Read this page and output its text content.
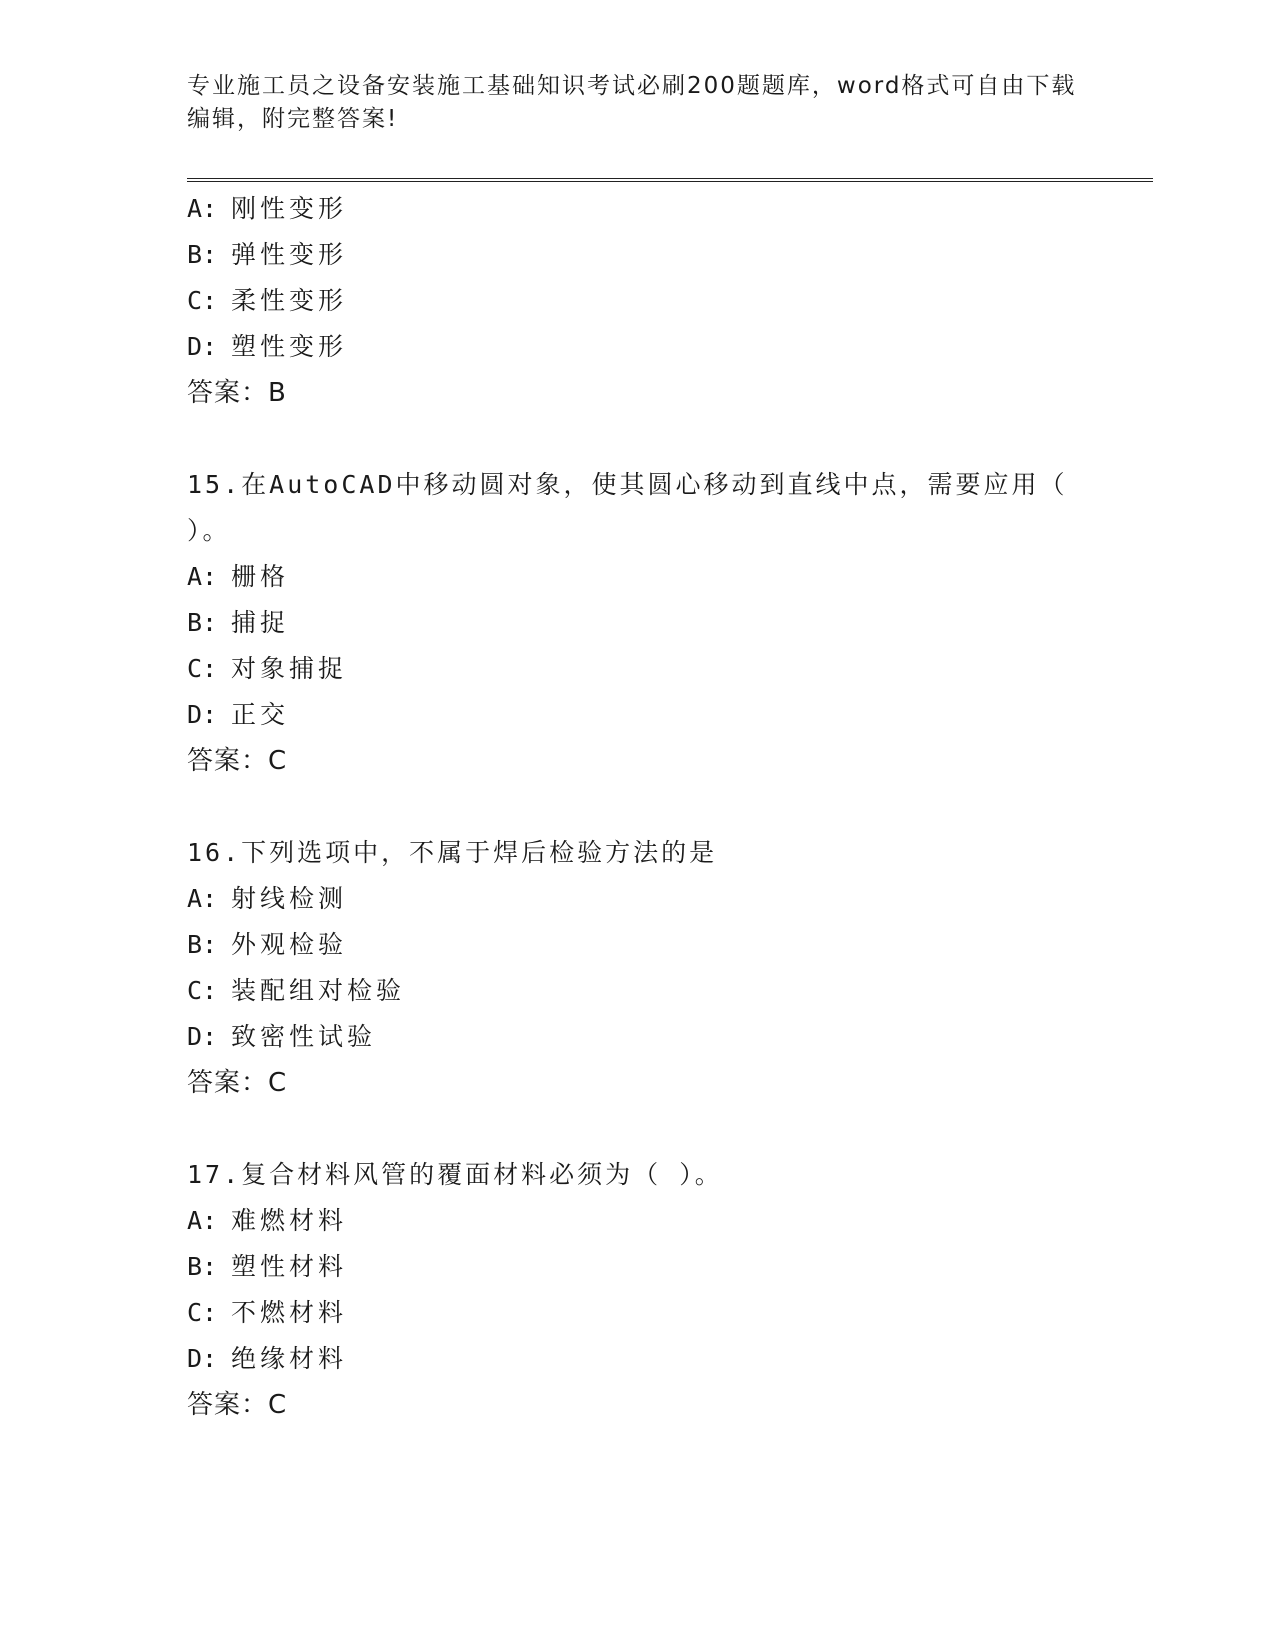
专业施工员之设备安装施工基础知识考试必刷200题题库，word格式可自由下载
编辑，附完整答案!
A: 刚性变形
B: 弹性变形
C: 柔性变形
D: 塑性变形
答案：B
15.在AutoCAD中移动圆对象，使其圆心移动到直线中点，需要应用（
）。
A: 栅格
B: 捕捉
C: 对象捕捉
D: 正交
答案：C
16.下列选项中，不属于焊后检验方法的是
A: 射线检测
B: 外观检验
C: 装配组对检验
D: 致密性试验
答案：C
17.复合材料风管的覆面材料必须为（ ）。
A: 难燃材料
B: 塑性材料
C: 不燃材料
D: 绝缘材料
答案：C
